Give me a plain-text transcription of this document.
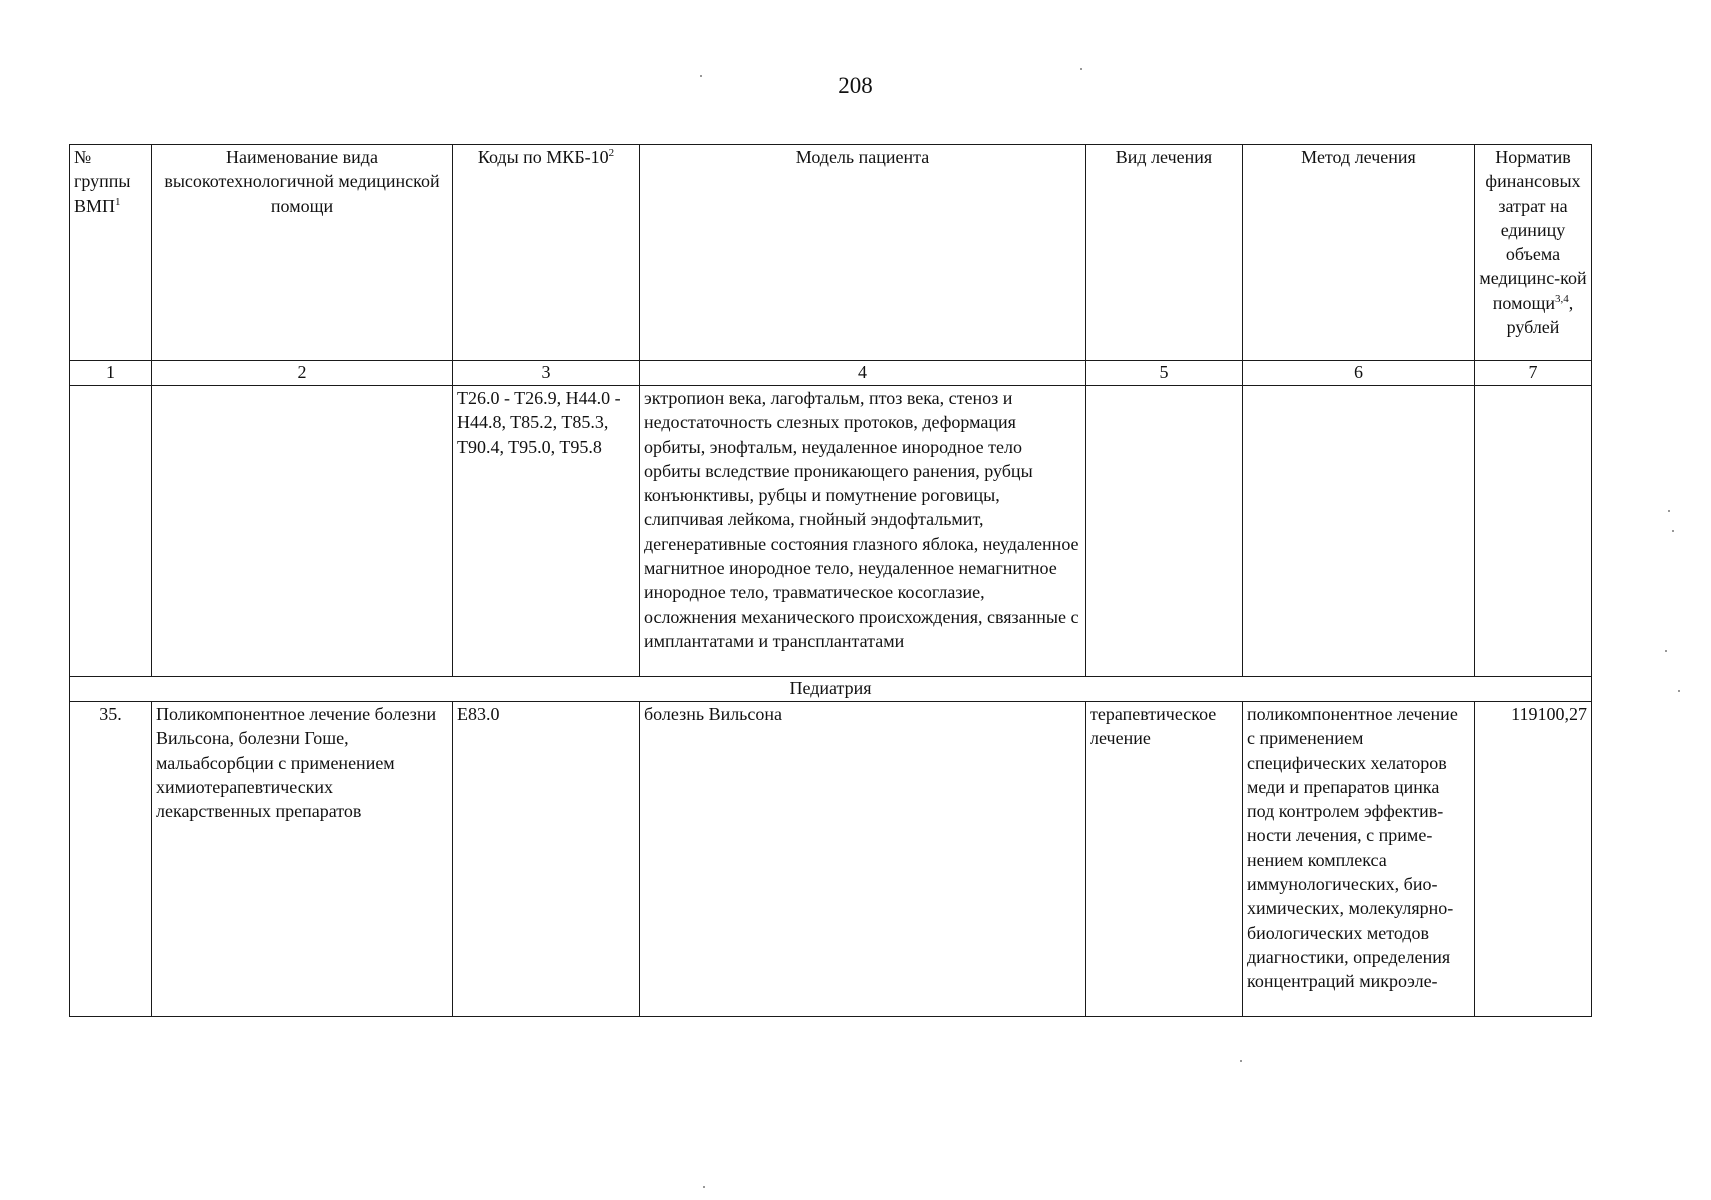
208
№ группы ВМП$^1$	Наименование вида высокотехнологичной медицинской помощи	Коды по МКБ-$10^2$	Модель пациента	Вид лечения	Метод лечения	Норматив финансовых затрат на единицу объема медицинс-кой помощи$^{3,4}$, рублей
1	2	3	4	5	6	7
		T26.0 - T26.9, H44.0 - H44.8, T85.2, T85.3, T90.4, T95.0, T95.8	эктропион века, лагофтальм, птоз века, стеноз и недостаточность слезных протоков, деформация орбиты, энофтальм, неудаленное инородное тело орбиты вследствие проникающего ранения, рубцы конъюнктивы, рубцы и помутнение роговицы, слипчивая лейкома, гнойный эндофтальмит, дегенеративные состояния глазного яблока, неудаленное магнитное инородное тело, неудаленное немагнитное инородное тело, травматическое косоглазие, осложнения механического происхождения, связанные с имплантатами и трансплантатами			
Педиатрия						
35.	Поликомпонентное лечение болезни Вильсона, болезни Гоше, мальабсорбции с применением химиотерапевтических лекарственных препаратов	E83.0	болезнь Вильсона	терапевтическое лечение	поликомпонентное лечение с применением специфических хелаторов меди и препаратов цинка под контролем эффектив-ности лечения, с приме-нением комплекса иммунологических, био-химических, молекулярно-биологических методов диагностики, определения концентраций микроэле-	119100,27
